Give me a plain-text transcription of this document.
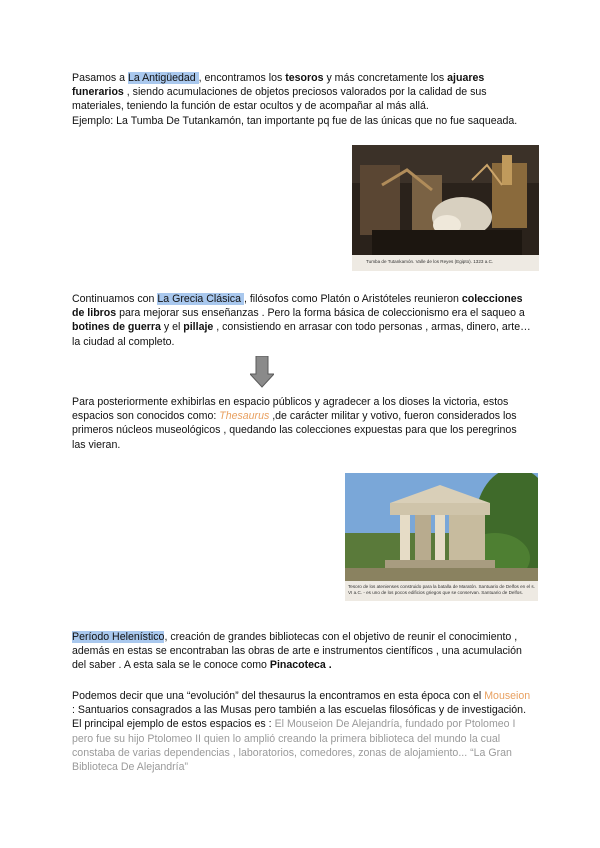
Pasamos a La Antigüedad , encontramos los tesoros y más concretamente los ajuares funerarios , siendo acumulaciones de objetos preciosos valorados por la calidad de sus materiales, teniendo la función de estar ocultos y de acompañar al más allá.
Ejemplo: La Tumba De Tutankamón, tan importante pq fue de las únicas que no fue saqueada.

Tumba de Tutankamón. Valle de los Reyes (Egipto). 1323 a.C.

Continuamos con La Grecia Clásica , filósofos como Platón o Aristóteles reunieron colecciones de libros para mejorar sus enseñanzas . Pero la forma básica de coleccionismo era el saqueo a botines de guerra y el pillaje , consistiendo en arrasar con todo personas , armas, dinero, arte… la ciudad al completo.

Para posteriormente exhibirlas en espacio públicos y agradecer a los dioses la victoria, estos espacios son conocidos como: Thesaurus ,de carácter militar y votivo, fueron considerados los primeros núcleos museológicos , quedando las colecciones expuestas para que los peregrinos las vieran.

Tesoro de los atenienses construido para la batalla de Maratón. Santuario de Delfos en el s. VI a.C. - es uno de los pocos edificios griegos que se conservan. Santuario de Delfos.

Período Helenístico, creación de grandes bibliotecas con el objetivo de reunir el conocimiento , además en estas se encontraban las obras de arte e instrumentos científicos , una acumulación del saber . A esta sala se le conoce como Pinacoteca .

Podemos decir que una “evolución” del thesaurus la encontramos en esta época con el Mouseion : Santuarios consagrados a las Musas pero también a las escuelas filosóficas y de investigación. El principal ejemplo de estos espacios es : El Mouseion De Alejandría, fundado por Ptolomeo I pero fue su hijo Ptolomeo II quien lo amplió creando la primera biblioteca del mundo la cual constaba de varias dependencias , laboratorios, comedores, zonas de alojamiento... “La Gran Biblioteca De Alejandría”
